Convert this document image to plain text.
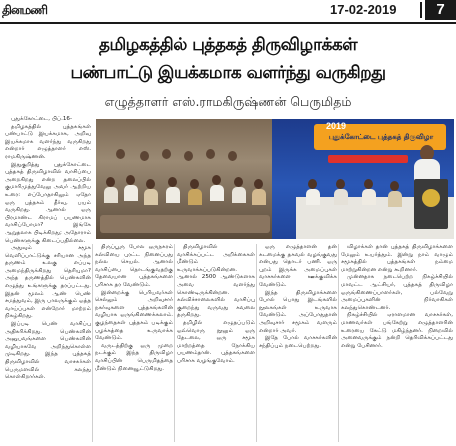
தினமணி	17-02-2019	7
தமிழகத்தில் புத்தகத் திருவிழாக்கள்
பண்பாட்டு இயக்கமாக வளர்ந்து வருகிறது
எழுத்தாளர் எஸ்.ராமகிருஷ்ணன் பெருமிதம்
2019
புதுக்கோட்டை புத்தகத் திருவிழா

புதுக்கோட்டை, பிப்.16-

தமிழகத்தில் புத்தகங்கள் பண்பாட்டு இயக்கமாக, அறிவு இயக்கமாக வளர்ந்து வருகிறது என்றார் எழுத்தாளர் எஸ். ராமகிருஷ்ணன்.

இதுகுறித்து புதுக்கோட்டை புத்தகத் திருவிழாவில் வாசிப்பை அறைகிறது என்ற தலைப்பில் குமாரிமுத்துவேலு அவர் ஆற்றிய உரை: எப்போதாகிலும் ஏதோ ஒரு புத்தகம் தீர்வு, பயம் வருகிறது. ஆனால் ஒரு பிரமாண்ட கிராமப் பயணமாக வாசிப்போமா? இங்கே ஆறுதலாக பிடிக்கிறது; அதோராம் பெண்களுக்கு கிடைப்பதில்லை.

அதுவும் சமூக வெளிப்பாட்டுக்கு சரியான அந்த தருணம் உலகு எப்படி அமைந்திருக்கிறது தெரியுமா? அந்த தருணத்தில் பெண்களின் எழுத்து உங்களுக்கு தரப்பட்டது. இதன் மூலம் ஆண் பெண் சமத்துவம், இரு பாலருக்கும் ஒத்த வாய்ப்புகள் என்றோர் மாற்றம் நிகழ்கிறது.

இப்படி பெண் வாசிப்பு அதிகரிக்கிறது. பெண்களின் அனுபவங்களை பெண்களின் வழியாகவே அறிந்துகொள்ள முடிகிறது. இந்த புத்தகத் திருவிழாவில் வாசகர்கள் பெருமளவில் கலந்து கொள்கிறார்கள்.

திருப்பூரு போல ஒருநகரம் கல்வியை புரட்ட நினைப்பது நல்ல செயல். ஆனால் வாசிப்பை தொடங்குவதற்கு தேவையான புத்தகங்களை பரிசாக தர வேண்டும்.

இன்றைக்கு பெரியவர்கள் செல்லும் அறிவுசார் நகர்வுகளை புத்தகங்களின் வழியாக ஒருங்கிணைக்கலாம். குழந்தைகள் புத்தகம் படிக்கும் பழக்கத்தை உருவாக்க வேண்டும்.

வருடத்திற்கு ஒரு முறை நடக்கும் இந்த திருவிழா வாசிப்பின் பெருமிதத்தை மீண்டும் நினைவூட்டுகிறது.

திருவிழாவில் வாசிக்கப்பட்ட அறிக்கைகள் மீண்டும் உருவாக்கப்படுகின்றன. ஆனால் 2500 ஆண்டுகளாக அவை வளர்ந்து கொண்டிருக்கின்றன. கல்விச்சாலைகளில் வாசிப்பு குறைந்து வருவது கவலை தருகிறது.

தமிழில் எழுதப்படும் ஒவ்வொரு நூலும் ஒரு தேடலை, ஒரு சமூக மாற்றத்தை நோக்கிய பயணம்தான். புத்தகங்களை பரிசாக வழங்குவோம்.

ஒரு எழுத்தாளன் தன் கடமைக்கு தகவல் வழங்குவது என்பது தொடர் பணி. ஒரு புறம் இருக்க அமைப்புகள் வாசகர்களை ஊக்குவிக்க வேண்டும்.

இந்த திருவிழாக்களை போல் பொது இடங்களில் நூலகங்கள் உருவாக வேண்டும். அப்போதுதான் அறிவுசார் சமூகம் வளரும் என்றார் அவர்.

இதே போல் வாசகர்களின் சந்திப்பும் நடைபெற்றது.

விழாக்கள் தான் புத்தகத் திருவிழாக்களை மேலும் உயர்த்தும். இன்று நாம் வாழும் சமூகத்தில் புத்தகங்கள் நம்மை மாற்றுகின்றன என்று கூறினார்.

முன்னதாக நடைபெற்ற நிகழ்ச்சியில் மாவட்ட ஆட்சியர், புத்தகத் திருவிழா ஒருங்கிணைப்பாளர்கள், பல்வேறு அமைப்புகளின் நிர்வாகிகள் கலந்துகொண்டனர்.

நிகழ்ச்சியில் ஏராளமான வாசகர்கள், மாணவர்கள் பங்கேற்று எழுத்தாளரின் உரையை கேட்டு மகிழ்ந்தனர். நிறைவில் அனைவருக்கும் நன்றி தெரிவிக்கப்பட்டது என்று பேசினார்.
